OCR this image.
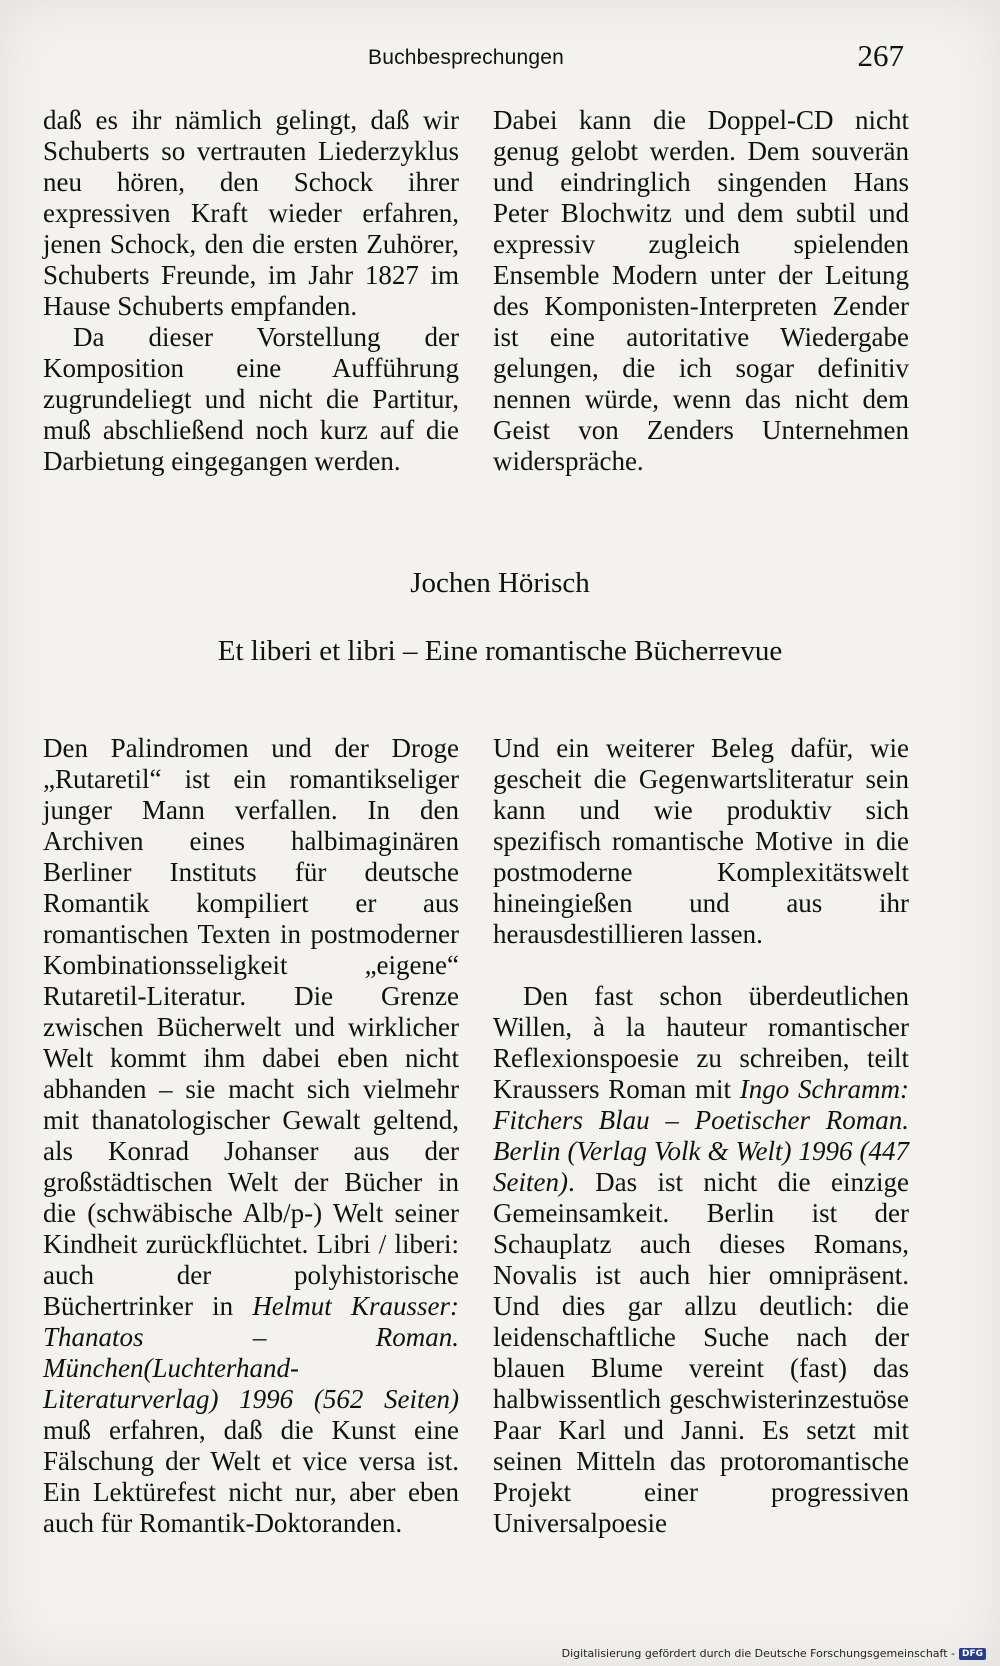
Buchbesprechungen	267

daß es ihr nämlich gelingt, daß wir Schuberts so vertrauten Liederzyklus neu hören, den Schock ihrer expressiven Kraft wieder erfahren, jenen Schock, den die ersten Zuhörer, Schuberts Freunde, im Jahr 1827 im Hause Schuberts empfanden.

Da dieser Vorstellung der Komposition eine Aufführung zugrundeliegt und nicht die Partitur, muß abschließend noch kurz auf die Darbietung eingegangen werden.

Dabei kann die Doppel-CD nicht genug gelobt werden. Dem souverän und eindringlich singenden Hans Peter Blochwitz und dem subtil und expressiv zugleich spielenden Ensemble Modern unter der Leitung des Komponisten-Interpreten Zender ist eine autoritative Wiedergabe gelungen, die ich sogar definitiv nennen würde, wenn das nicht dem Geist von Zenders Unternehmen widerspräche.

Jochen Hörisch
Et liberi et libri – Eine romantische Bücherrevue

Den Palindromen und der Droge „Rutaretil“ ist ein romantikseliger junger Mann verfallen. In den Archiven eines halbimaginären Berliner Instituts für deutsche Romantik kompiliert er aus romantischen Texten in postmoderner Kombinationsseligkeit „eigene“ Rutaretil-Literatur. Die Grenze zwischen Bücherwelt und wirklicher Welt kommt ihm dabei eben nicht abhanden – sie macht sich vielmehr mit thanatologischer Gewalt geltend, als Konrad Johanser aus der großstädtischen Welt der Bücher in die (schwäbische Alb/p-) Welt seiner Kindheit zurückflüchtet. Libri / liberi: auch der polyhistorische Büchertrinker in Helmut Krausser: Thanatos – Roman. München(Luchterhand-Literaturverlag) 1996 (562 Seiten) muß erfahren, daß die Kunst eine Fälschung der Welt et vice versa ist. Ein Lektürefest nicht nur, aber eben auch für Romantik-Doktoranden.

Und ein weiterer Beleg dafür, wie gescheit die Gegenwartsliteratur sein kann und wie produktiv sich spezifisch romantische Motive in die postmoderne Komplexitätswelt hineingießen und aus ihr herausdestillieren lassen.

Den fast schon überdeutlichen Willen, à la hauteur romantischer Reflexionspoesie zu schreiben, teilt Kraussers Roman mit Ingo Schramm: Fitchers Blau – Poetischer Roman. Berlin (Verlag Volk & Welt) 1996 (447 Seiten). Das ist nicht die einzige Gemeinsamkeit. Berlin ist der Schauplatz auch dieses Romans, Novalis ist auch hier omnipräsent. Und dies gar allzu deutlich: die leidenschaftliche Suche nach der blauen Blume vereint (fast) das halbwissentlich geschwisterinzestuöse Paar Karl und Janni. Es setzt mit seinen Mitteln das protoromantische Projekt einer progressiven Universalpoesie

Digitalisierung gefördert durch die Deutsche Forschungsgemeinschaft - DFG
